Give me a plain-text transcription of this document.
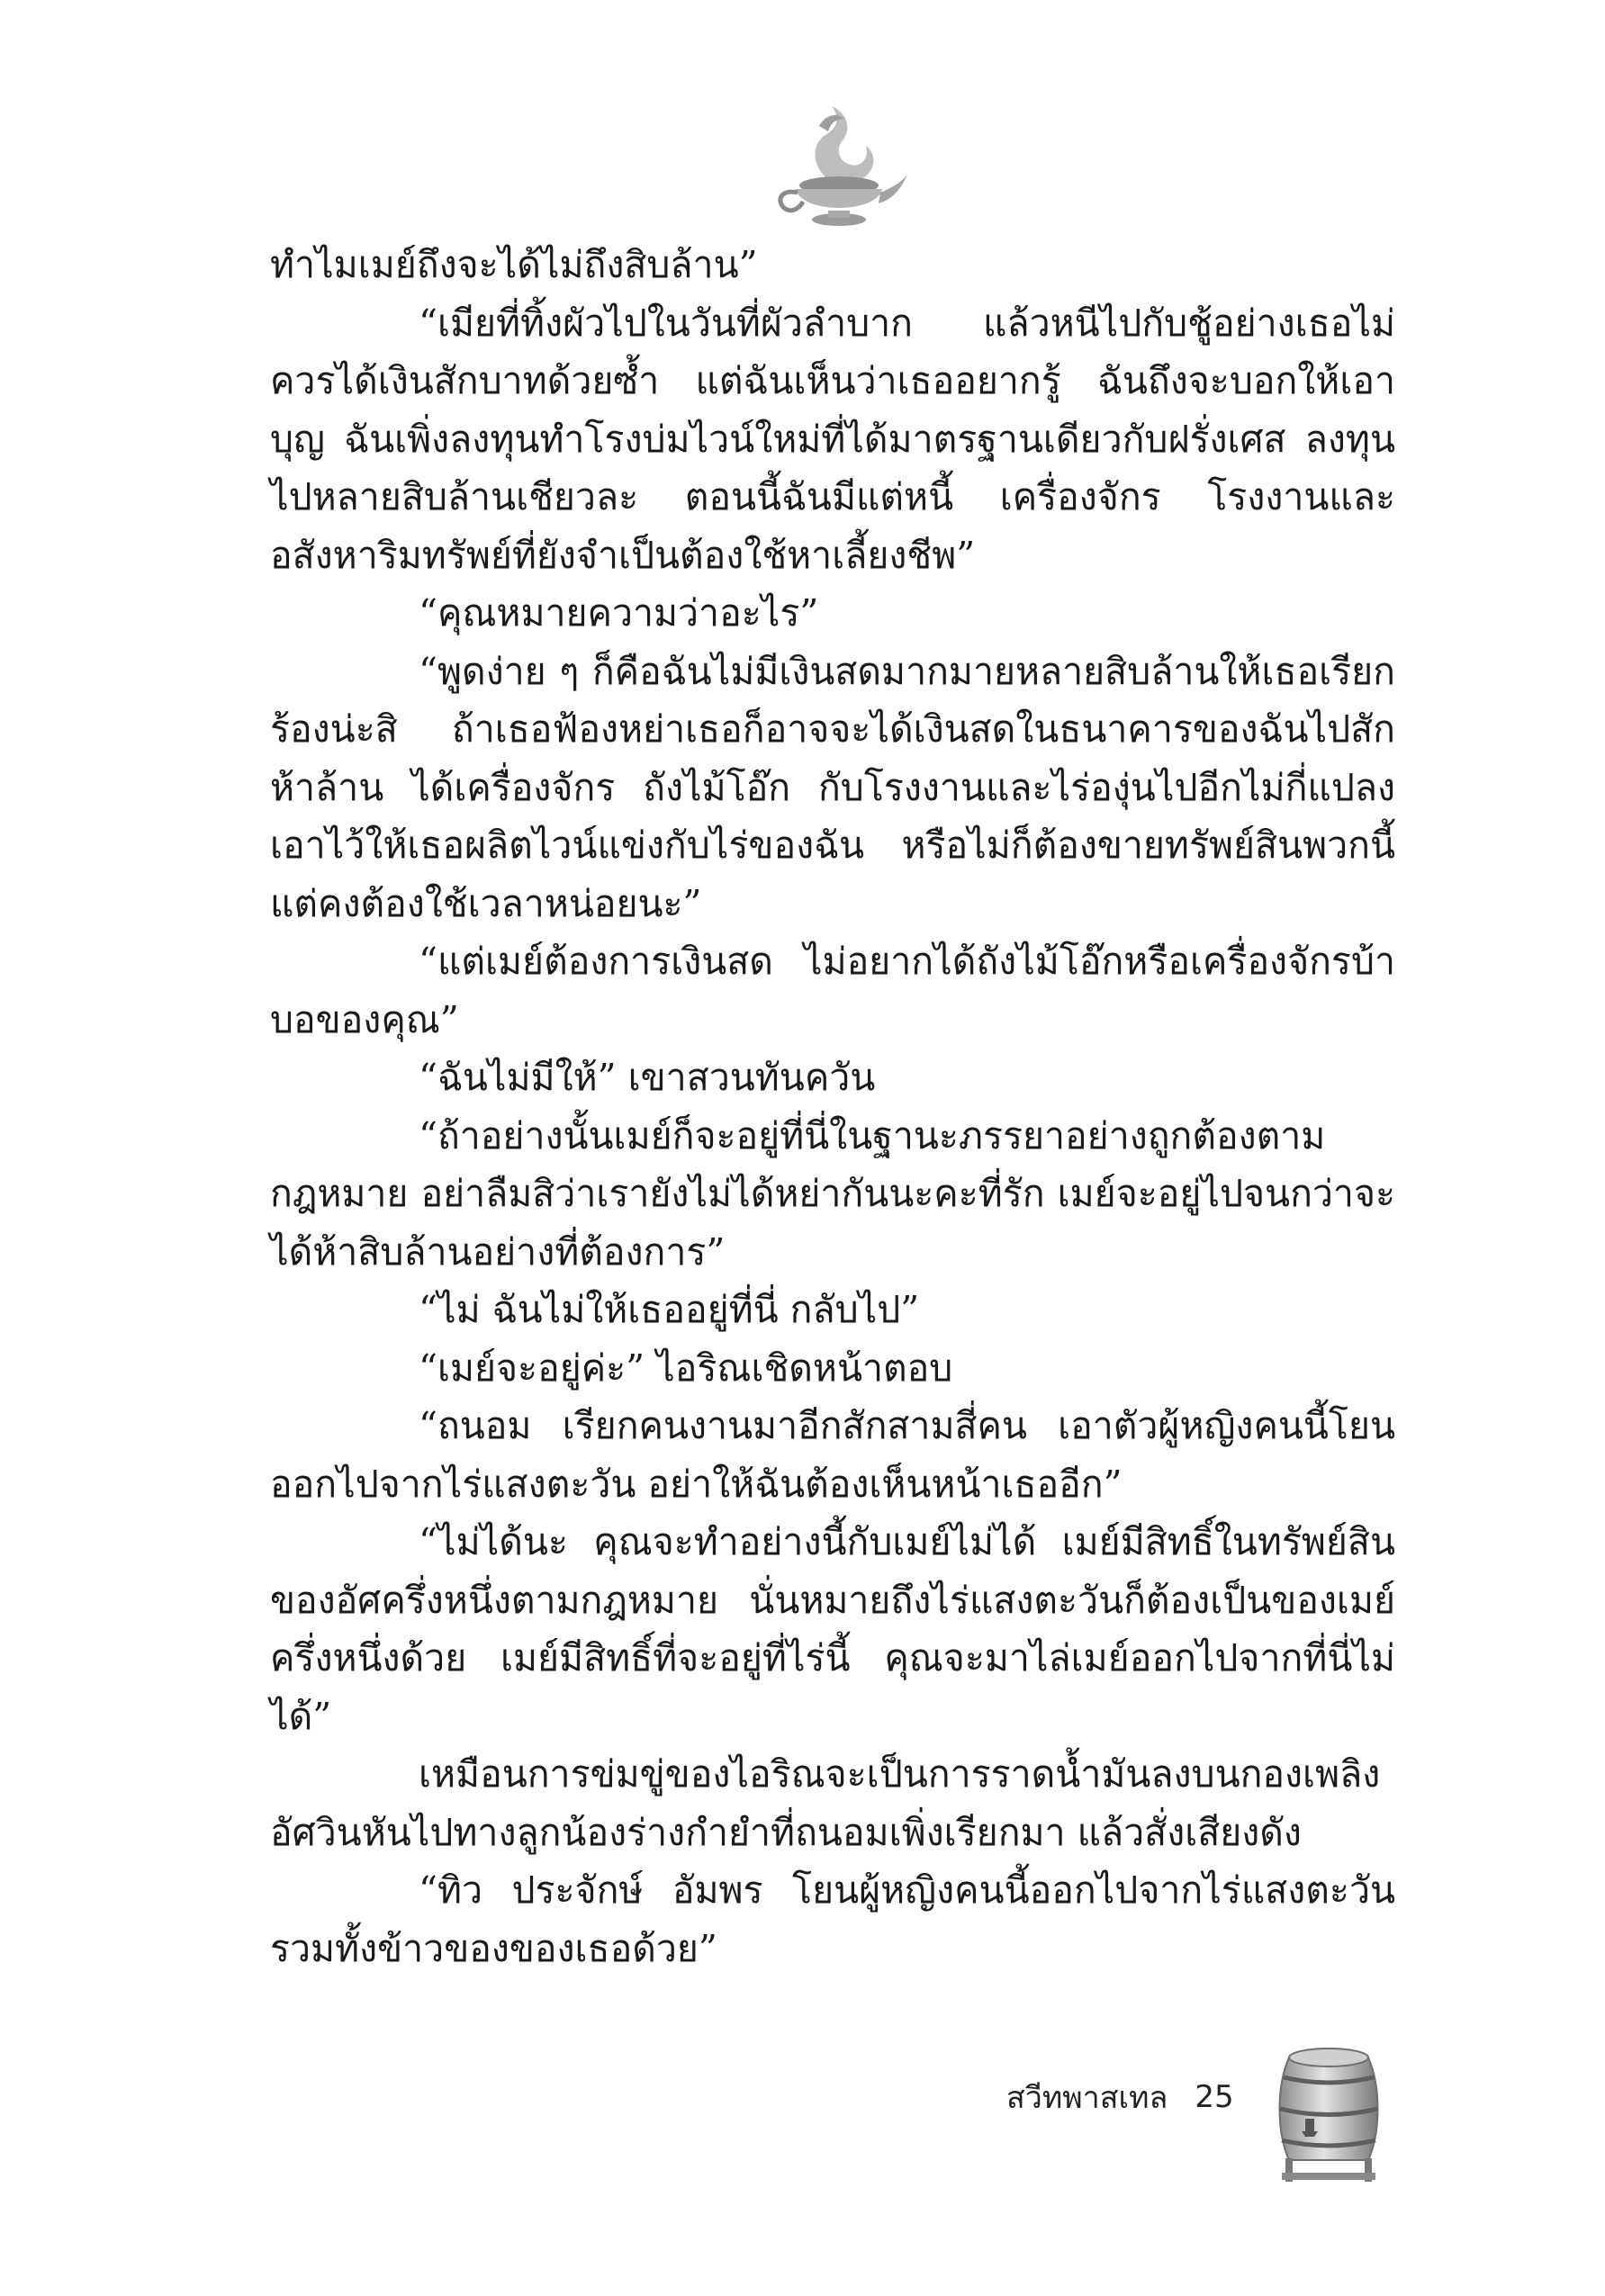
ทำไมเมย์ถึงจะได้ไม่ถึงสิบล้าน”

“เมียที่ทิ้งผัวไปในวันที่ผัวลำบาก แล้วหนีไปกับชู้อย่างเธอไม่ควรได้เงินสักบาทด้วยซ้ำ แต่ฉันเห็นว่าเธออยากรู้ ฉันถึงจะบอกให้เอาบุญ ฉันเพิ่งลงทุนทำโรงบ่มไวน์ใหม่ที่ได้มาตรฐานเดียวกับฝรั่งเศส ลงทุนไปหลายสิบล้านเชียวละ ตอนนี้ฉันมีแต่หนี้ เครื่องจักร โรงงานและอสังหาริมทรัพย์ที่ยังจำเป็นต้องใช้หาเลี้ยงชีพ”

“คุณหมายความว่าอะไร”

“พูดง่าย ๆ ก็คือฉันไม่มีเงินสดมากมายหลายสิบล้านให้เธอเรียกร้องน่ะสิ ถ้าเธอฟ้องหย่าเธอก็อาจจะได้เงินสดในธนาคารของฉันไปสักห้าล้าน ได้เครื่องจักร ถังไม้โอ๊ก กับโรงงานและไร่องุ่นไปอีกไม่กี่แปลง เอาไว้ให้เธอผลิตไวน์แข่งกับไร่ของฉัน หรือไม่ก็ต้องขายทรัพย์สินพวกนี้ แต่คงต้องใช้เวลาหน่อยนะ”

“แต่เมย์ต้องการเงินสด ไม่อยากได้ถังไม้โอ๊กหรือเครื่องจักรบ้าบอของคุณ”

“ฉันไม่มีให้” เขาสวนทันควัน

“ถ้าอย่างนั้นเมย์ก็จะอยู่ที่นี่ในฐานะภรรยาอย่างถูกต้องตามกฎหมาย อย่าลืมสิว่าเรายังไม่ได้หย่ากันนะคะที่รัก เมย์จะอยู่ไปจนกว่าจะได้ห้าสิบล้านอย่างที่ต้องการ”

“ไม่ ฉันไม่ให้เธออยู่ที่นี่ กลับไป”

“เมย์จะอยู่ค่ะ” ไอริณเชิดหน้าตอบ

“ถนอม เรียกคนงานมาอีกสักสามสี่คน เอาตัวผู้หญิงคนนี้โยนออกไปจากไร่แสงตะวัน อย่าให้ฉันต้องเห็นหน้าเธออีก”

“ไม่ได้นะ คุณจะทำอย่างนี้กับเมย์ไม่ได้ เมย์มีสิทธิ์ในทรัพย์สินของอัศครึ่งหนึ่งตามกฎหมาย นั่นหมายถึงไร่แสงตะวันก็ต้องเป็นของเมย์ครึ่งหนึ่งด้วย เมย์มีสิทธิ์ที่จะอยู่ที่ไร่นี้ คุณจะมาไล่เมย์ออกไปจากที่นี่ไม่ได้”

เหมือนการข่มขู่ของไอริณจะเป็นการราดน้ำมันลงบนกองเพลิง อัศวินหันไปทางลูกน้องร่างกำยำที่ถนอมเพิ่งเรียกมา แล้วสั่งเสียงดัง

“ทิว ประจักษ์ อัมพร โยนผู้หญิงคนนี้ออกไปจากไร่แสงตะวัน รวมทั้งข้าวของของเธอด้วย”

สวีทพาสเทล 25
